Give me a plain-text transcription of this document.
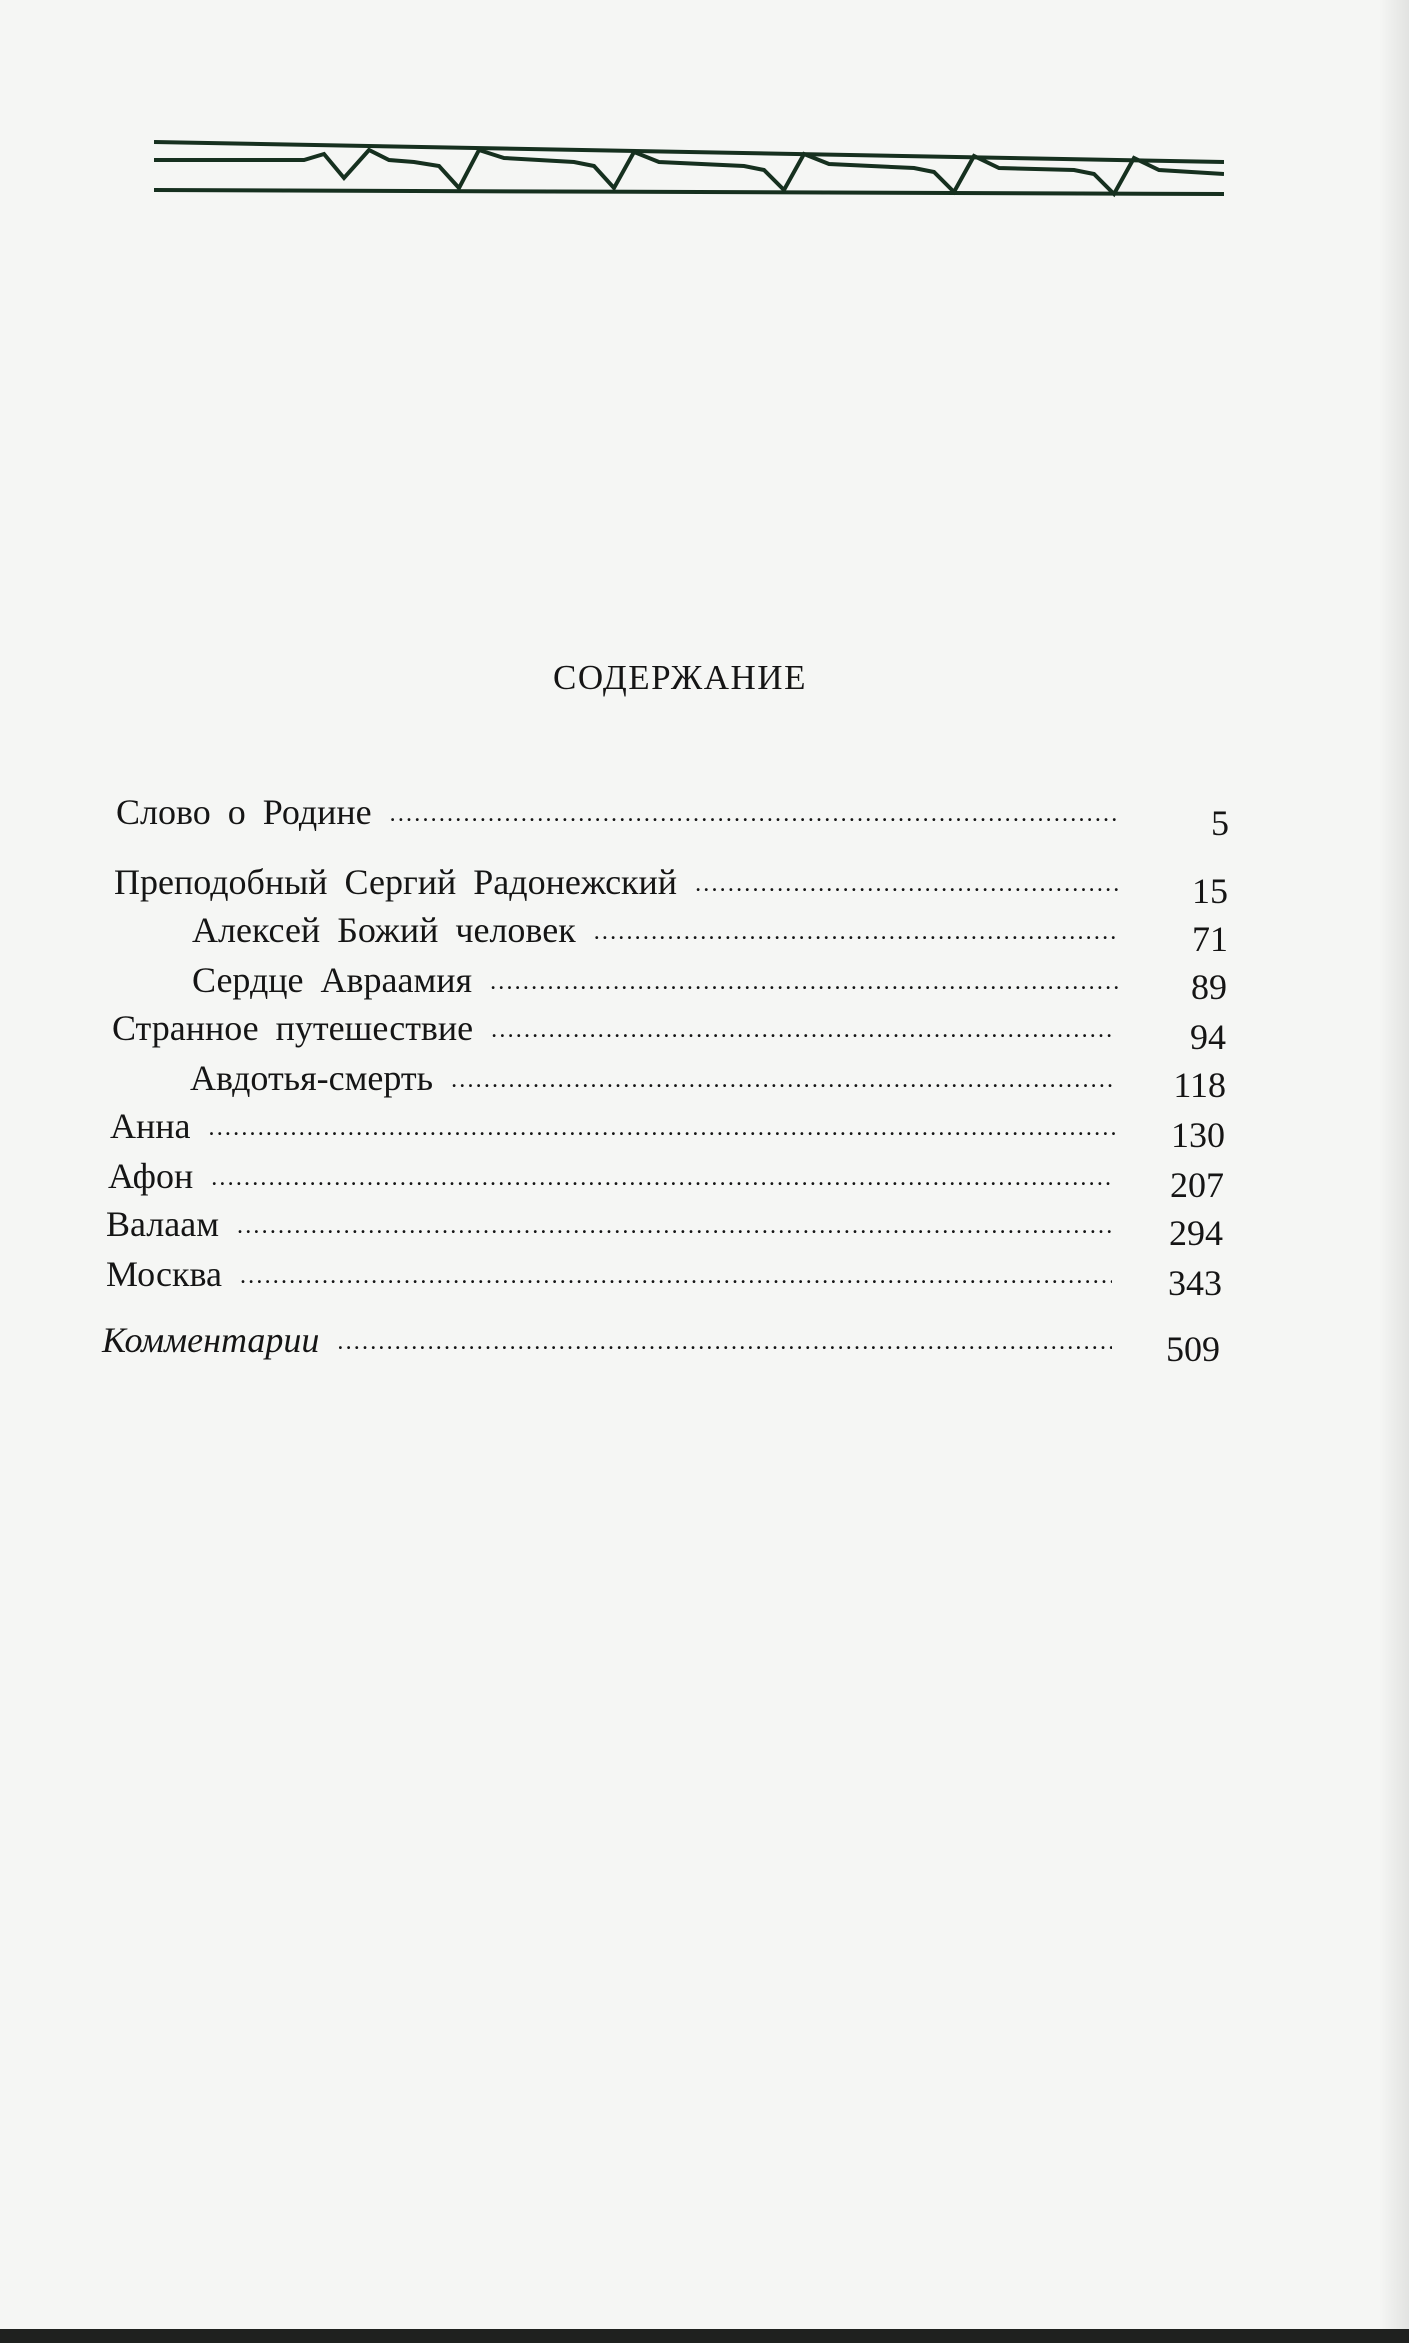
СОДЕРЖАНИЕ
Слово о Родине .....	5
Преподобный Сергий Радонежский .....	15
Алексей Божий человек .....	71
Сердце Авраамия .....	89
Странное путешествие .....	94
Авдотья-смерть .....	118
Анна .....	130
Афон .....	207
Валаам .....	294
Москва .....	343
Комментарии .....	509
